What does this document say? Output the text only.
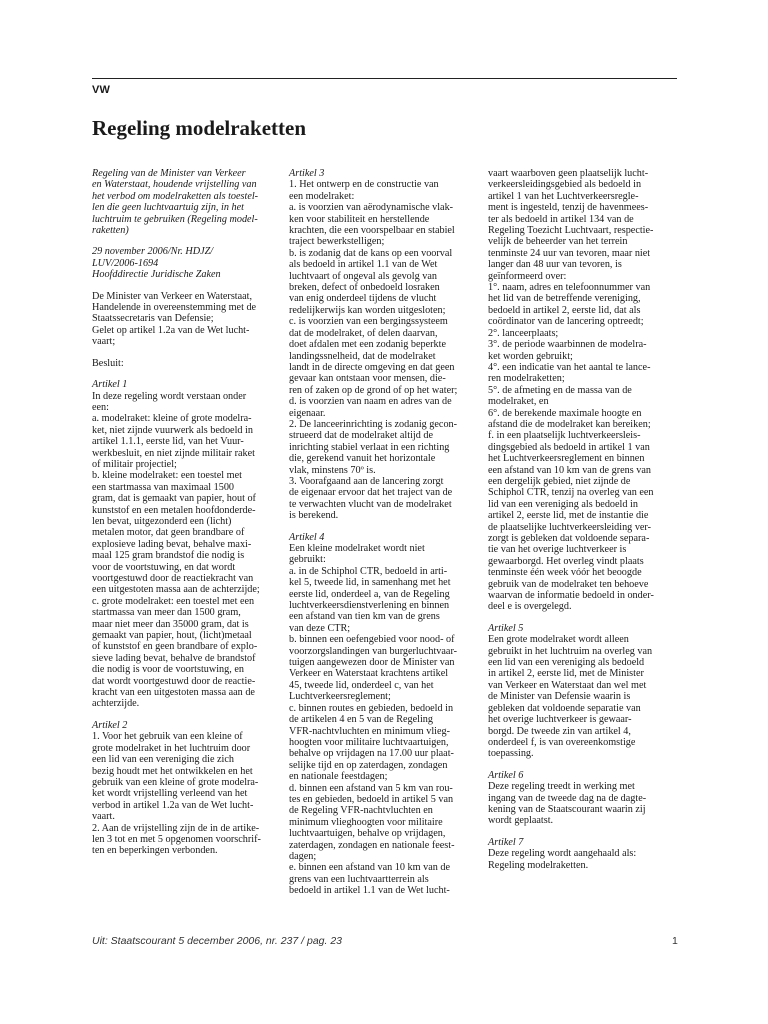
VW
Regeling modelraketten

Regeling van de Minister van Verkeer
en Waterstaat, houdende vrijstelling van
het verbod om modelraketten als toestel-
len die geen luchtvaartuig zijn, in het
luchtruim te gebruiken (Regeling model-
raketten)

29 november 2006/Nr. HDJZ/
LUV/2006-1694
Hoofddirectie Juridische Zaken

De Minister van Verkeer en Waterstaat,
Handelende in overeenstemming met de
Staatssecretaris van Defensie;
Gelet op artikel 1.2a van de Wet lucht-
vaart;

Besluit:

Artikel 1
In deze regeling wordt verstaan onder
een:
a. modelraket: kleine of grote modelra-
ket, niet zijnde vuurwerk als bedoeld in
artikel 1.1.1, eerste lid, van het Vuur-
werkbesluit, en niet zijnde militair raket
of militair projectiel;
b. kleine modelraket: een toestel met
een startmassa van maximaal 1500
gram, dat is gemaakt van papier, hout of
kunststof en een metalen hoofdonderde-
len bevat, uitgezonderd een (licht)
metalen motor, dat geen brandbare of
explosieve lading bevat, behalve maxi-
maal 125 gram brandstof die nodig is
voor de voortstuwing, en dat wordt
voortgestuwd door de reactiekracht van
een uitgestoten massa aan de achterzijde;
c. grote modelraket: een toestel met een
startmassa van meer dan 1500 gram,
maar niet meer dan 35000 gram, dat is
gemaakt van papier, hout, (licht)metaal
of kunststof en geen brandbare of explo-
sieve lading bevat, behalve de brandstof
die nodig is voor de voortstuwing, en
dat wordt voortgestuwd door de reactie-
kracht van een uitgestoten massa aan de
achterzijde.

Artikel 2
1. Voor het gebruik van een kleine of
grote modelraket in het luchtruim door
een lid van een vereniging die zich
bezig houdt met het ontwikkelen en het
gebruik van een kleine of grote modelra-
ket wordt vrijstelling verleend van het
verbod in artikel 1.2a van de Wet lucht-
vaart.
2. Aan de vrijstelling zijn de in de artike-
len 3 tot en met 5 opgenomen voorschrif-
ten en beperkingen verbonden.

Artikel 3
1. Het ontwerp en de constructie van
een modelraket:
a. is voorzien van aërodynamische vlak-
ken voor stabiliteit en herstellende
krachten, die een voorspelbaar en stabiel
traject bewerkstelligen;
b. is zodanig dat de kans op een voorval
als bedoeld in artikel 1.1 van de Wet
luchtvaart of ongeval als gevolg van
breken, defect of onbedoeld losraken
van enig onderdeel tijdens de vlucht
redelijkerwijs kan worden uitgesloten;
c. is voorzien van een bergingssysteem
dat de modelraket, of delen daarvan,
doet afdalen met een zodanig beperkte
landingssnelheid, dat de modelraket
landt in de directe omgeving en dat geen
gevaar kan ontstaan voor mensen, die-
ren of zaken op de grond of op het water;
d. is voorzien van naam en adres van de
eigenaar.
2. De lanceerinrichting is zodanig gecon-
strueerd dat de modelraket altijd de
inrichting stabiel verlaat in een richting
die, gerekend vanuit het horizontale
vlak, minstens 70º is.
3. Voorafgaand aan de lancering zorgt
de eigenaar ervoor dat het traject van de
te verwachten vlucht van de modelraket
is berekend.

Artikel 4
Een kleine modelraket wordt niet
gebruikt:
a. in de Schiphol CTR, bedoeld in arti-
kel 5, tweede lid, in samenhang met het
eerste lid, onderdeel a, van de Regeling
luchtverkeersdienstverlening en binnen
een afstand van tien km van de grens
van deze CTR;
b. binnen een oefengebied voor nood- of
voorzorgslandingen van burgerluchtvaar-
tuigen aangewezen door de Minister van
Verkeer en Waterstaat krachtens artikel
45, tweede lid, onderdeel c, van het
Luchtverkeersreglement;
c. binnen routes en gebieden, bedoeld in
de artikelen 4 en 5 van de Regeling
VFR-nachtvluchten en minimum vlieg-
hoogten voor militaire luchtvaartuigen,
behalve op vrijdagen na 17.00 uur plaat-
selijke tijd en op zaterdagen, zondagen
en nationale feestdagen;
d. binnen een afstand van 5 km van rou-
tes en gebieden, bedoeld in artikel 5 van
de Regeling VFR-nachtvluchten en
minimum vlieghoogten voor militaire
luchtvaartuigen, behalve op vrijdagen,
zaterdagen, zondagen en nationale feest-
dagen;
e. binnen een afstand van 10 km van de
grens van een luchtvaartterrein als
bedoeld in artikel 1.1 van de Wet lucht-

vaart waarboven geen plaatselijk lucht-
verkeersleidingsgebied als bedoeld in
artikel 1 van het Luchtverkeersregle-
ment is ingesteld, tenzij de havenmees-
ter als bedoeld in artikel 134 van de
Regeling Toezicht Luchtvaart, respectie-
velijk de beheerder van het terrein
tenminste 24 uur van tevoren, maar niet
langer dan 48 uur van tevoren, is
geïnformeerd over:
1°. naam, adres en telefoonnummer van
het lid van de betreffende vereniging,
bedoeld in artikel 2, eerste lid, dat als
coördinator van de lancering optreedt;
2°. lanceerplaats;
3°. de periode waarbinnen de modelra-
ket worden gebruikt;
4°. een indicatie van het aantal te lance-
ren modelraketten;
5°. de afmeting en de massa van de
modelraket, en
6°. de berekende maximale hoogte en
afstand die de modelraket kan bereiken;
f. in een plaatselijk luchtverkeersleis-
dingsgebied als bedoeld in artikel 1 van
het Luchtverkeersreglement en binnen
een afstand van 10 km van de grens van
een dergelijk gebied, niet zijnde de
Schiphol CTR, tenzij na overleg van een
lid van een vereniging als bedoeld in
artikel 2, eerste lid, met de instantie die
de plaatselijke luchtverkeersleiding ver-
zorgt is gebleken dat voldoende separa-
tie van het overige luchtverkeer is
gewaarborgd. Het overleg vindt plaats
tenminste één week vóór het beoogde
gebruik van de modelraket ten behoeve
waarvan de informatie bedoeld in onder-
deel e is overgelegd.

Artikel 5
Een grote modelraket wordt alleen
gebruikt in het luchtruim na overleg van
een lid van een vereniging als bedoeld
in artikel 2, eerste lid, met de Minister
van Verkeer en Waterstaat dan wel met
de Minister van Defensie waarin is
gebleken dat voldoende separatie van
het overige luchtverkeer is gewaar-
borgd. De tweede zin van artikel 4,
onderdeel f, is van overeenkomstige
toepassing.

Artikel 6
Deze regeling treedt in werking met
ingang van de tweede dag na de dagte-
kening van de Staatscourant waarin zij
wordt geplaatst.

Artikel 7
Deze regeling wordt aangehaald als:
Regeling modelraketten.

Uit: Staatscourant 5 december 2006, nr. 237 / pag. 23	1
